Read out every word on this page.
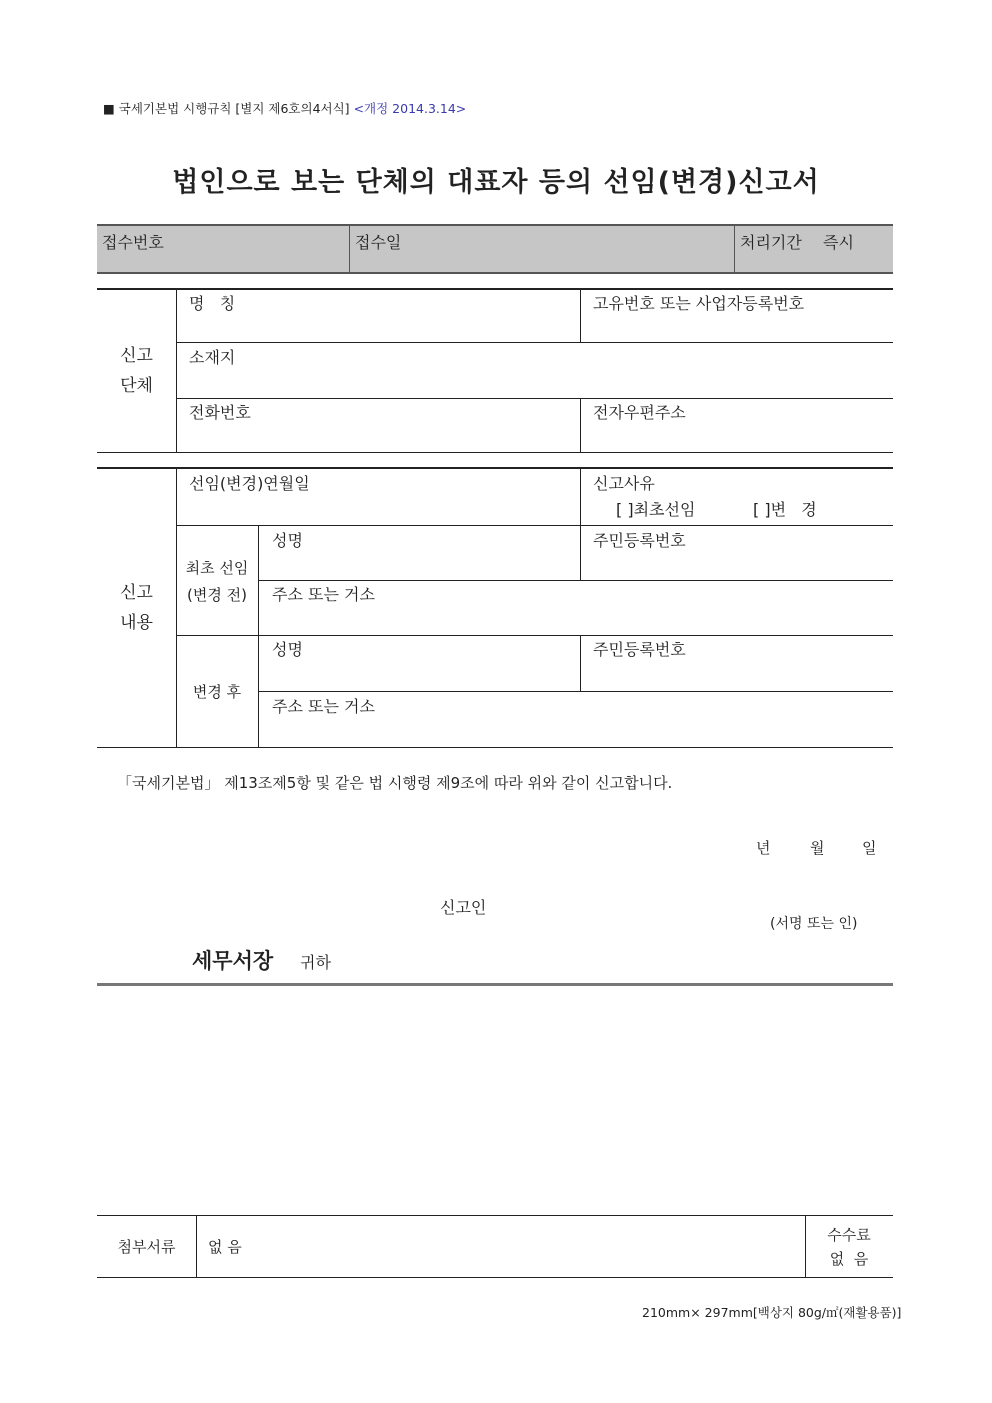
■ 국세기본법 시행규칙 [별지 제6호의4서식] <개정 2014.3.14>
법인으로 보는 단체의 대표자 등의 선임(변경)신고서
접수번호	접수일	처리기간 즉시
신고
단체
명   칭	고유번호 또는 사업자등록번호
소재지
전화번호	전자우편주소
신고
내용
선임(변경)연월일	신고사유
[ ]최초선임	[ ]변   경
최초 선임
(변경 전)
성명	주민등록번호
주소 또는 거소
변경 후
성명	주민등록번호
주소 또는 거소
「국세기본법」 제13조제5항 및 같은 법 시행령 제9조에 따라 위와 같이 신고합니다.
년	월	일
신고인
(서명 또는 인)
세무서장 귀하
첨부서류	없 음
수수료
없  음
210mm× 297mm[백상지 80g/㎡(재활용품)]
